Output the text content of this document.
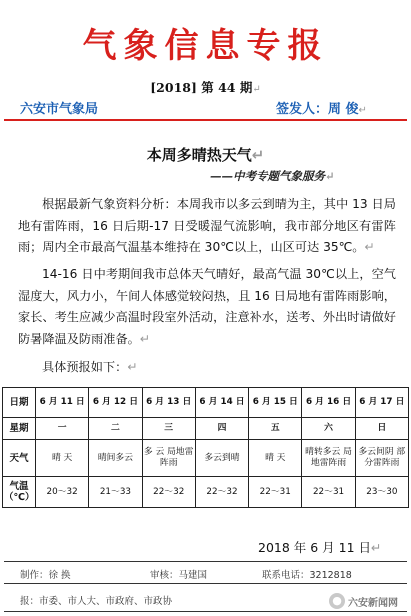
气象信息专报
[2018] 第 44 期↵
六安市气象局	签发人：周 俊↵
本周多晴热天气↵
——中考专题气象服务↵
根据最新气象资料分析：本周我市以多云到晴为主，其中 13 日局地有雷阵雨，16 日后期-17 日受暖湿气流影响，我市部分地区有雷阵雨；周内全市最高气温基本维持在 30℃以上，山区可达 35℃。↵
14-16 日中考期间我市总体天气晴好，最高气温 30℃以上，空气湿度大，风力小，午间人体感觉较闷热，且 16 日局地有雷阵雨影响，家长、考生应减少高温时段室外活动，注意补水，送考、外出时请做好防暑降温及防雨准备。↵
具体预报如下：↵
日期	6 月 11 日	6 月 12 日	6 月 13 日	6 月 14 日	6 月 15 日	6 月 16 日	6 月 17 日
星期	一	二	三	四	五	六	日
天气	晴 天	晴间多云	多 云 局地雷阵雨	多云到晴	晴 天	晴转多云 局地雷阵雨	多云间阴 部分雷阵雨
气温（℃）	20～32	21～33	22～32	22～32	22～31	22～31	23～30
2018 年 6 月 11 日↵
制作：徐 换	审核：马建国	联系电话：3212818
报：市委、市人大、市政府、市政协	● 六安新闻网
